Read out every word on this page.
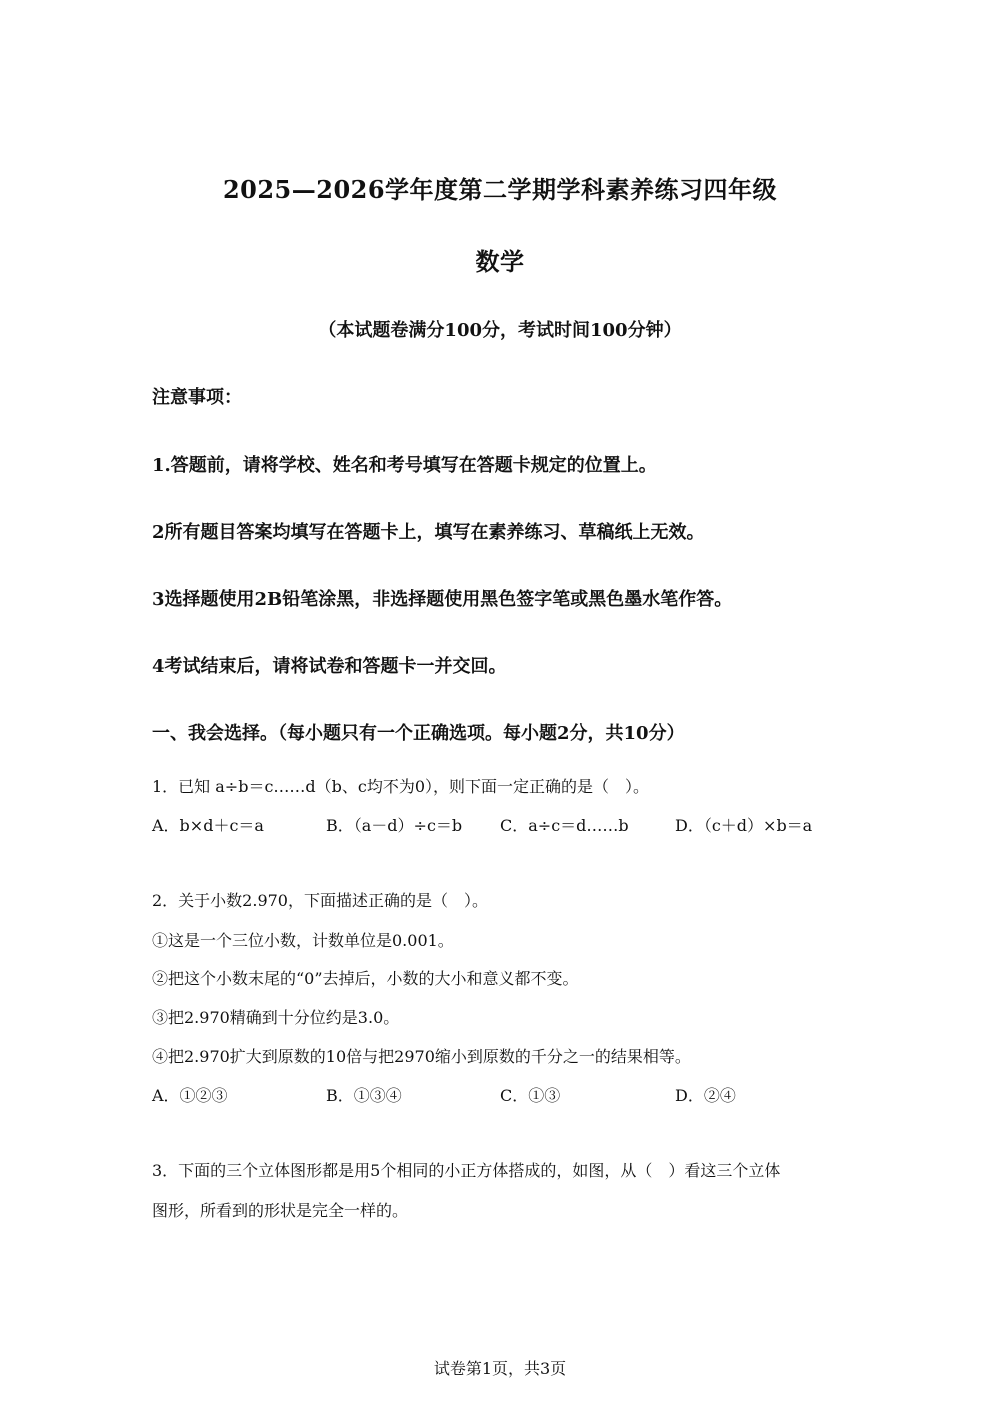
2025—2026学年度第二学期学科素养练习四年级
数学
（本试题卷满分100分，考试时间100分钟）
注意事项：
1.答题前，请将学校、姓名和考号填写在答题卡规定的位置上。
2所有题目答案均填写在答题卡上，填写在素养练习、草稿纸上无效。
3选择题使用2B铅笔涂黑，非选择题使用黑色签字笔或黑色墨水笔作答。
4考试结束后，请将试卷和答题卡一并交回。
一、我会选择。（每小题只有一个正确选项。每小题2分，共10分）
1．已知 a÷b＝c……d（b、c均不为0），则下面一定正确的是（　）。
A．b×d＋c＝a	B．（a－d）÷c＝b C．a÷c＝d……b	D．（c＋d）×b＝a
2．关于小数2.970，下面描述正确的是（　）。
①这是一个三位小数，计数单位是0.001。
②把这个小数末尾的“0”去掉后，小数的大小和意义都不变。
③把2.970精确到十分位约是3.0。
④把2.970扩大到原数的10倍与把2970缩小到原数的千分之一的结果相等。
A．①②③	B．①③④	C．①③	D．②④
3．下面的三个立体图形都是用5个相同的小正方体搭成的，如图，从（　）看这三个立体
图形，所看到的形状是完全一样的。
试卷第1页，共3页
